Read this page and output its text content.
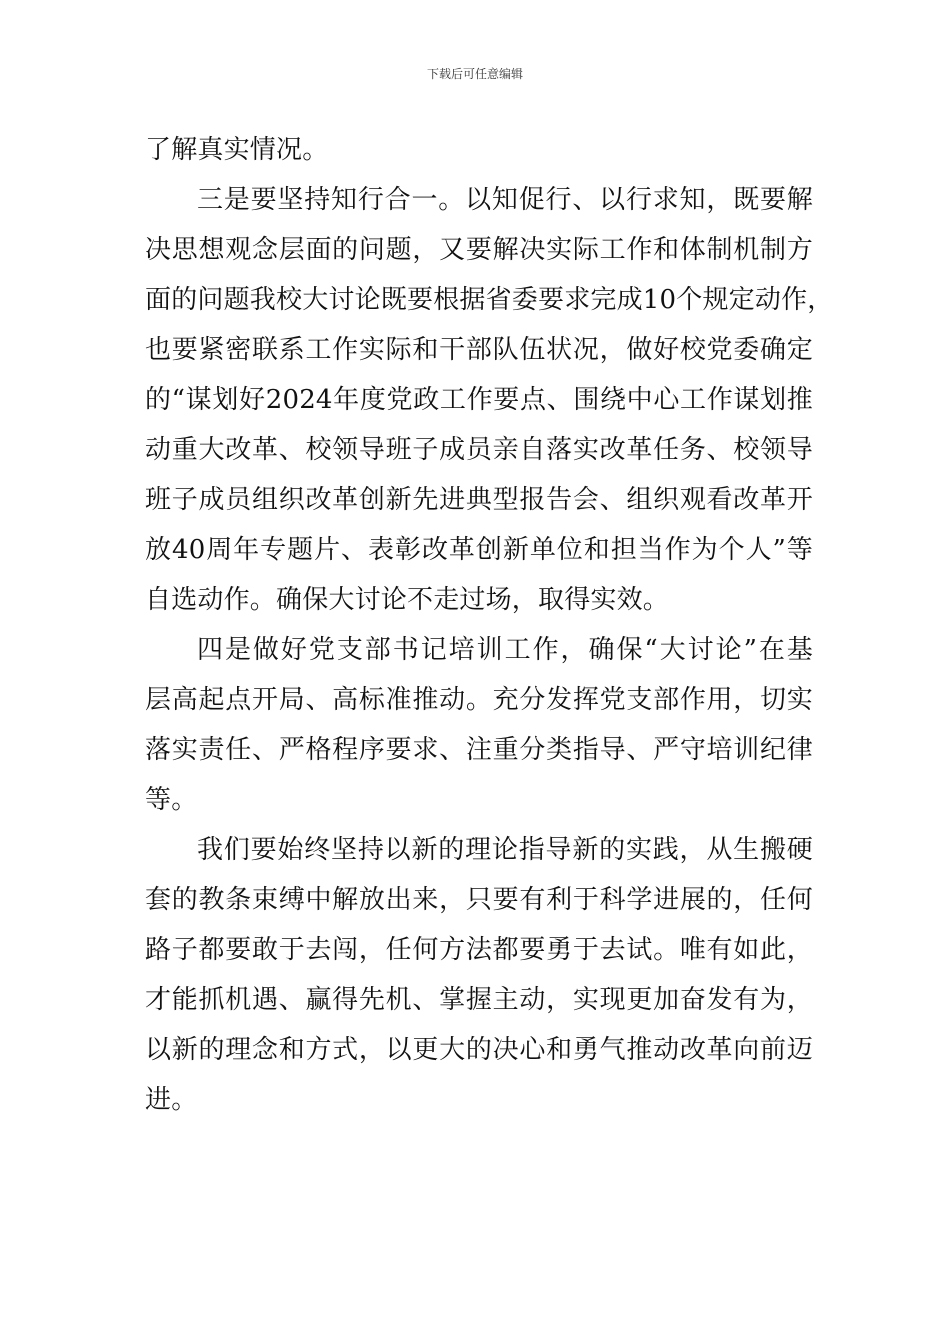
下载后可任意编辑
了解真实情况。
三是要坚持知行合一。以知促行、以行求知，既要解
决思想观念层面的问题，又要解决实际工作和体制机制方
面的问题我校大讨论既要根据省委要求完成10个规定动作，
也要紧密联系工作实际和干部队伍状况，做好校党委确定
的“谋划好2024年度党政工作要点、围绕中心工作谋划推
动重大改革、校领导班子成员亲自落实改革任务、校领导
班子成员组织改革创新先进典型报告会、组织观看改革开
放40周年专题片、表彰改革创新单位和担当作为个人”等
自选动作。确保大讨论不走过场，取得实效。
四是做好党支部书记培训工作，确保“大讨论”在基
层高起点开局、高标准推动。充分发挥党支部作用，切实
落实责任、严格程序要求、注重分类指导、严守培训纪律
等。
我们要始终坚持以新的理论指导新的实践，从生搬硬
套的教条束缚中解放出来，只要有利于科学进展的，任何
路子都要敢于去闯，任何方法都要勇于去试。唯有如此，
才能抓机遇、赢得先机、掌握主动，实现更加奋发有为，
以新的理念和方式，以更大的决心和勇气推动改革向前迈
进。
